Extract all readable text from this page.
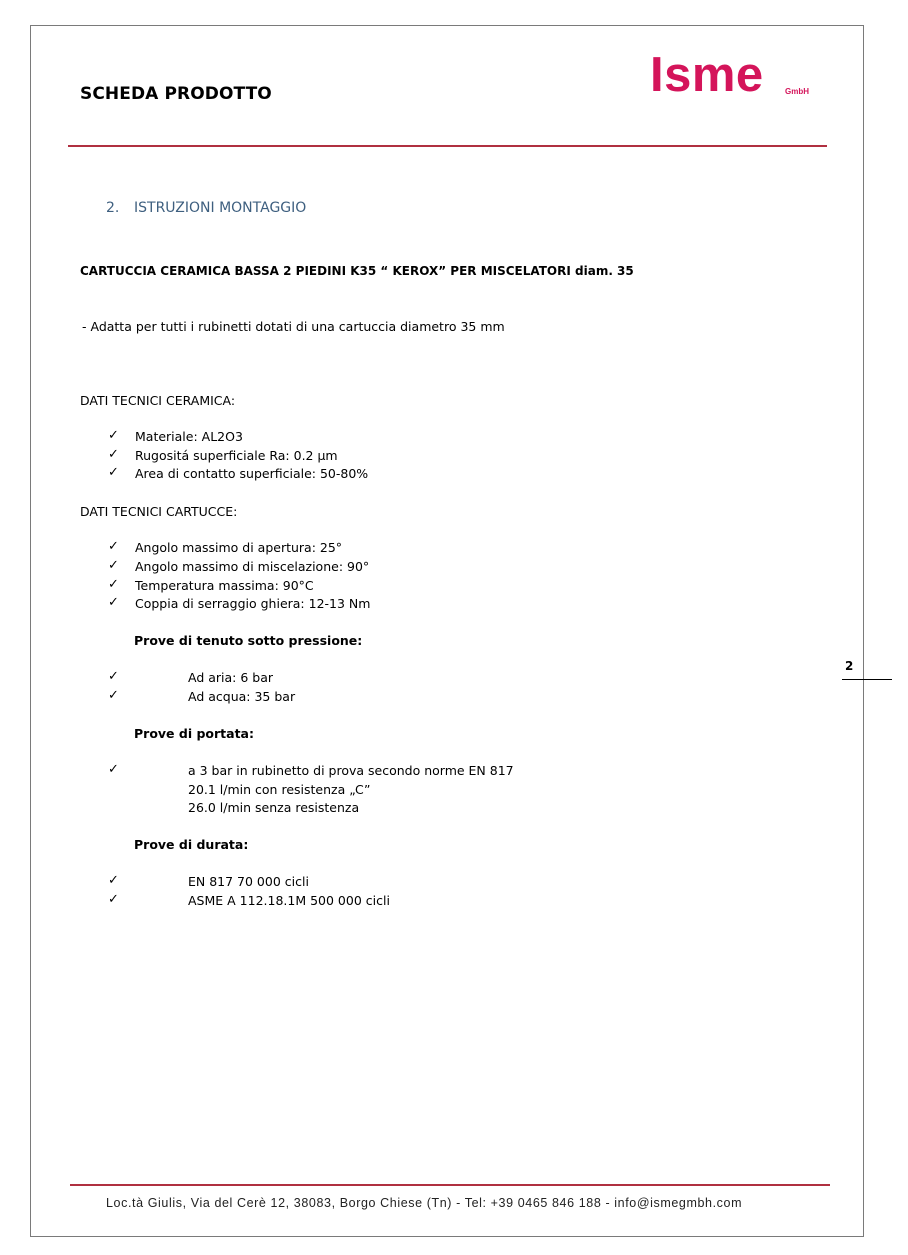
SCHEDA PRODOTTO	Isme	GmbH
2. ISTRUZIONI MONTAGGIO
CARTUCCIA CERAMICA BASSA 2 PIEDINI K35 “ KEROX” PER MISCELATORI diam. 35
- Adatta per tutti i rubinetti dotati di una cartuccia diametro 35 mm
DATI TECNICI CERAMICA:
✓ Materiale: AL2O3
✓ Rugositá superficiale Ra: 0.2 µm
✓ Area di contatto superficiale: 50-80%
DATI TECNICI CARTUCCE:
✓ Angolo massimo di apertura: 25°
✓ Angolo massimo di miscelazione: 90°
✓ Temperatura massima: 90°C
✓ Coppia di serraggio ghiera: 12-13 Nm
Prove di tenuto sotto pressione:
✓	Ad aria: 6 bar
✓	Ad acqua: 35 bar
Prove di portata:
✓	a 3 bar in rubinetto di prova secondo norme EN 817
20.1 l/min con resistenza „C”
26.0 l/min senza resistenza
Prove di durata:
✓	EN 817 70 000 cicli
✓	ASME A 112.18.1M 500 000 cicli
2
Loc.tà Giulis, Via del Cerè 12, 38083, Borgo Chiese (Tn) - Tel: +39 0465 846 188 - info@ismegmbh.com
